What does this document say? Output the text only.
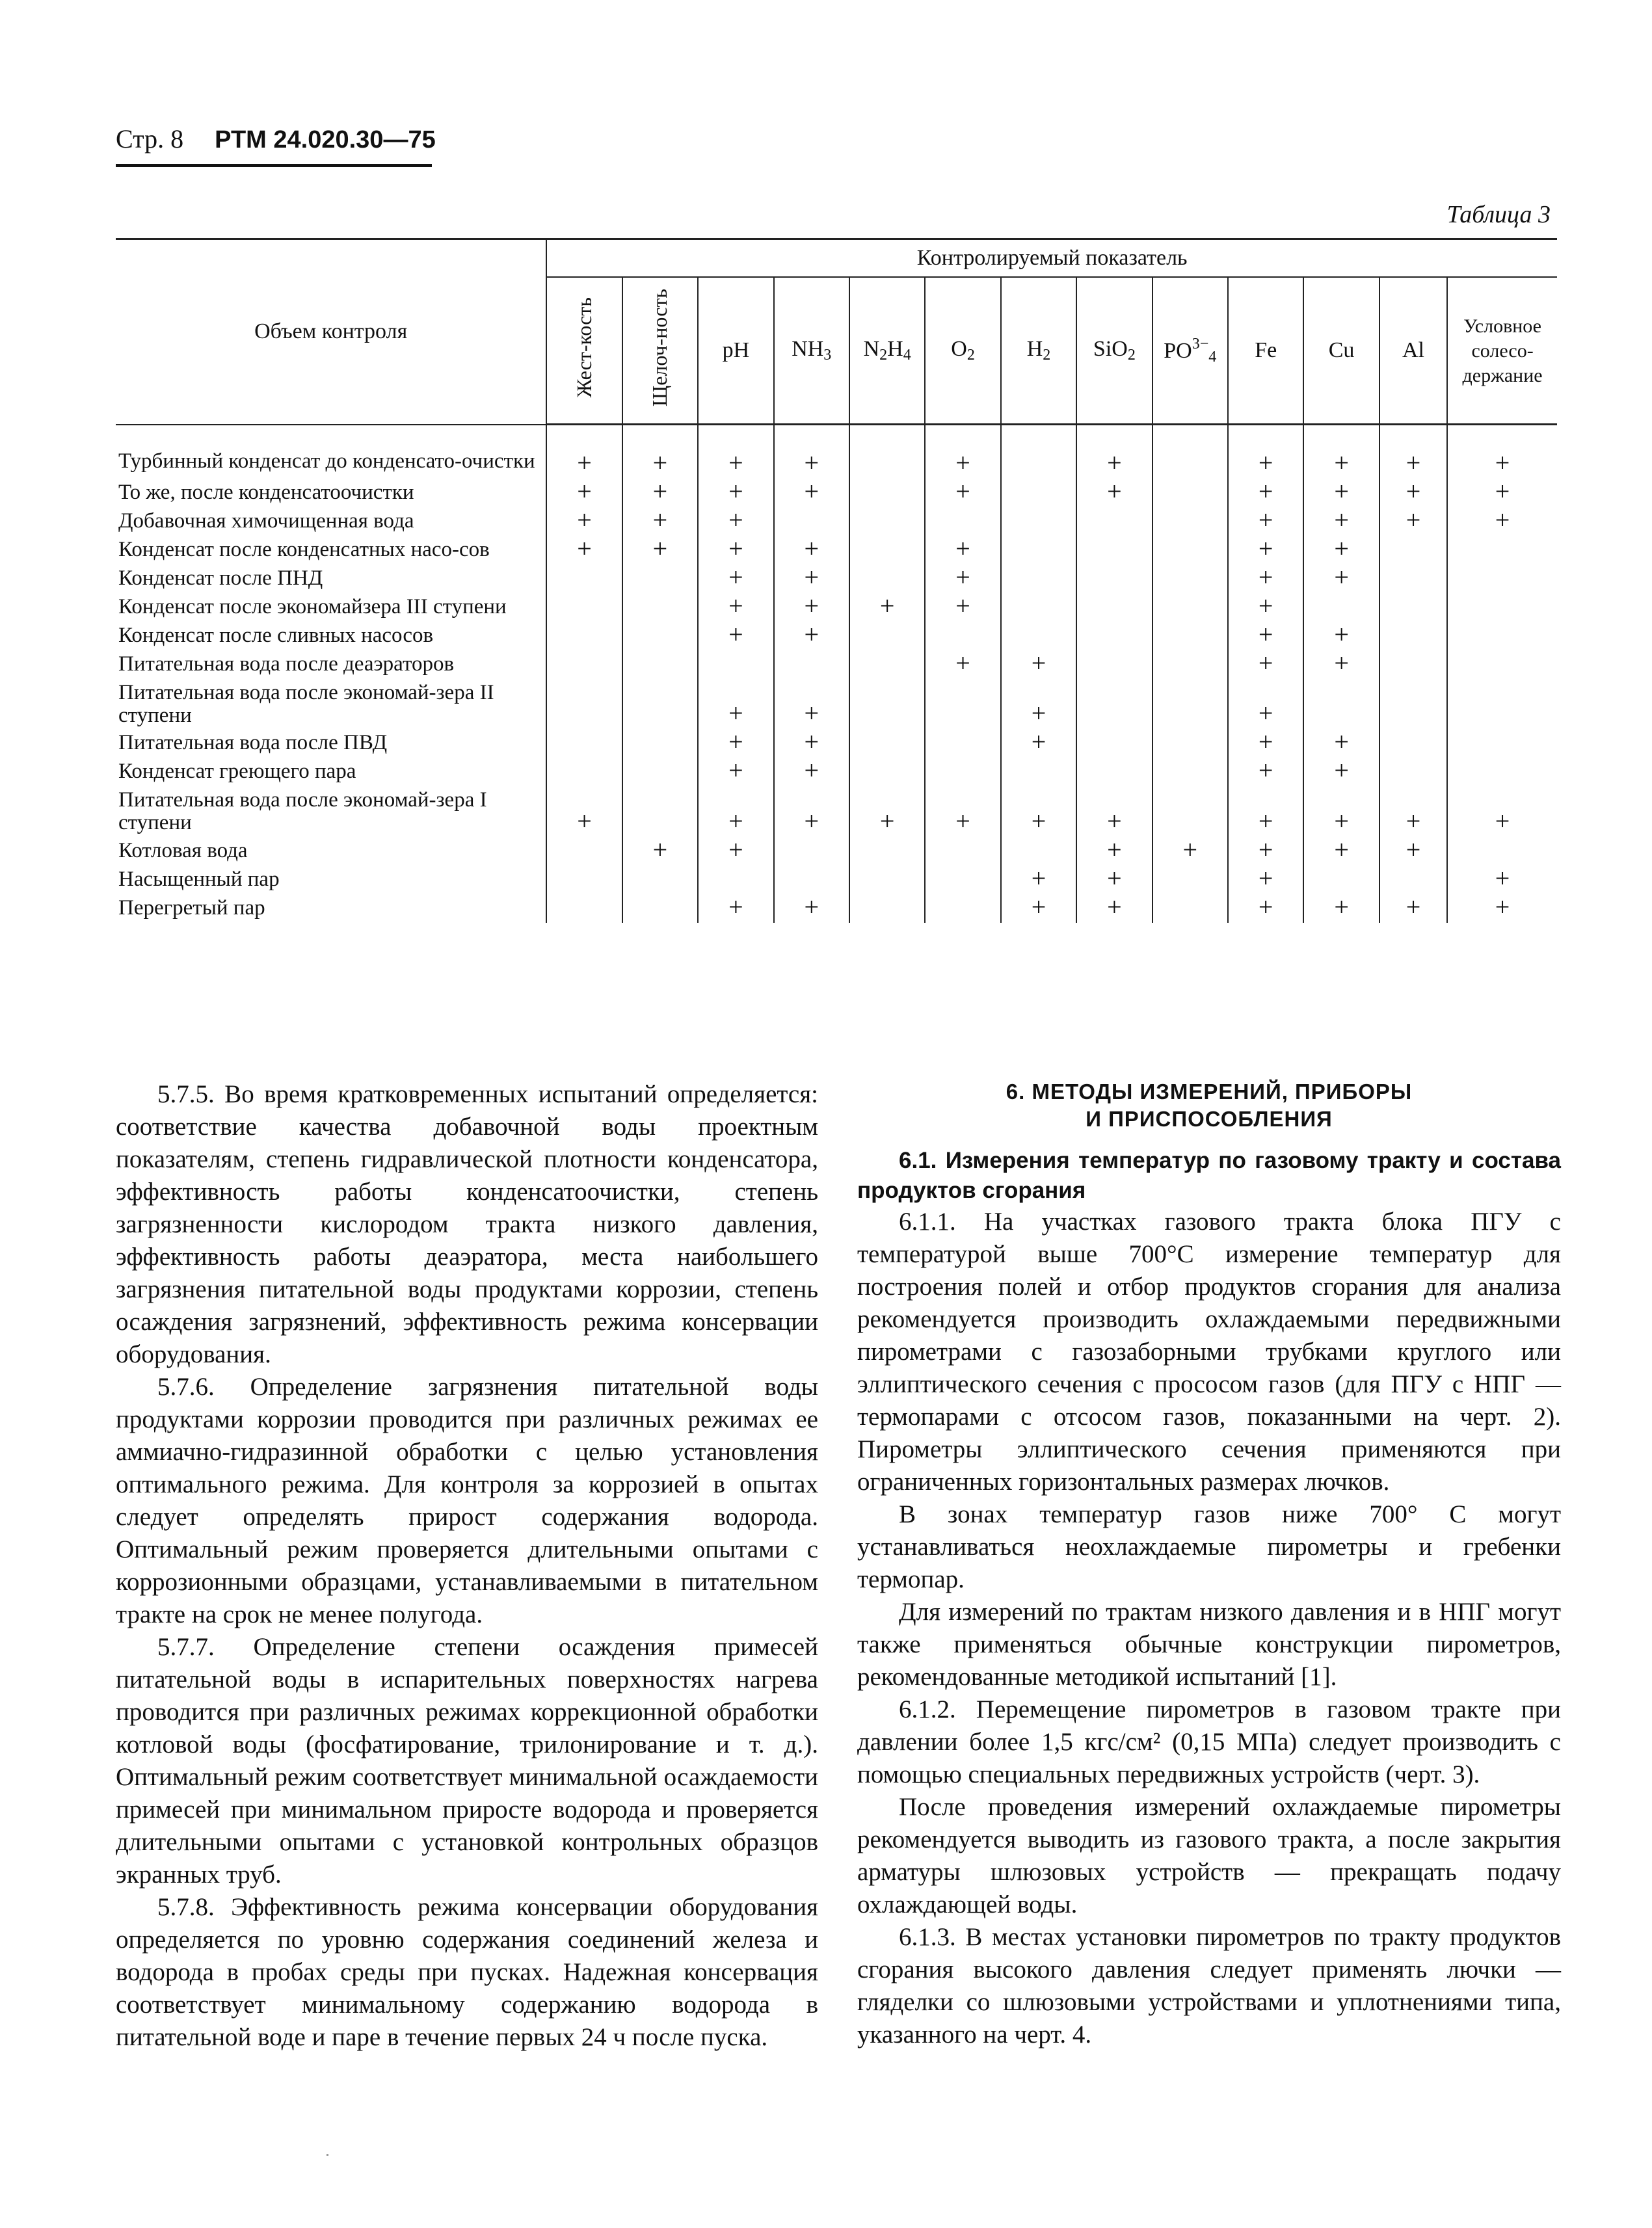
Стр. 8 РТМ 24.020.30—75
Таблица 3
Объем контроля	Контролируемый показатель												
	Жест-кость	Щелоч-ность	pH	$NH_3$	$N_2H_4$	$O_2$	$H_2$	SiO$_2$	$PO^{3-}_4$	Fe	Cu	Al	Условное солесо-держание
Турбинный конденсат до конденсато-очистки	+	+	+	+		+		+		+	+	+	+
То же, после конденсатоочистки	+	+	+	+		+		+		+	+	+	+
Добавочная химочищенная вода	+	+	+							+	+	+	+
Конденсат после конденсатных насо-сов	+	+	+	+		+				+	+		
Конденсат после ПНД			+	+		+				+	+		
Конденсат после экономайзера III ступени			+	+	+	+				+			
Конденсат после сливных насосов			+	+						+	+		
Питательная вода после деаэраторов						+	+			+	+		
Питательная вода после экономай-зера II ступени			+	+			+			+			
Питательная вода после ПВД			+	+			+			+	+		
Конденсат греющего пара			+	+						+	+		
Питательная вода после экономай-зера I ступени	+		+	+	+	+	+	+		+	+	+	+
Котловая вода		+	+					+	+	+	+	+	
Насыщенный пар							+	+		+			+
Перегретый пар			+	+			+	+		+	+	+	+

5.7.5. Во время кратковременных испытаний определяется: соответствие качества добавочной воды проектным показателям, степень гидравлической плотности конденсатора, эффективность работы конденсатоочистки, степень загрязненности кислородом тракта низкого давления, эффективность работы деаэратора, места наибольшего загрязнения питательной воды продуктами коррозии, степень осаждения загрязнений, эффективность режима консервации оборудования.

5.7.6. Определение загрязнения питательной воды продуктами коррозии проводится при различных режимах ее аммиачно-гидразинной обработки с целью установления оптимального режима. Для контроля за коррозией в опытах следует определять прирост содержания водорода. Оптимальный режим проверяется длительными опытами с коррозионными образцами, устанавливаемыми в питательном тракте на срок не менее полугода.

5.7.7. Определение степени осаждения примесей питательной воды в испарительных поверхностях нагрева проводится при различных режимах коррекционной обработки котловой воды (фосфатирование, трилонирование и т. д.). Оптимальный режим соответствует минимальной осаждаемости примесей при минимальном приросте водорода и проверяется длительными опытами с установкой контрольных образцов экранных труб.

5.7.8. Эффективность режима консервации оборудования определяется по уровню содержания соединений железа и водорода в пробах среды при пусках. Надежная консервация соответствует минимальному содержанию водорода в питательной воде и паре в течение первых 24 ч после пуска.

6. МЕТОДЫ ИЗМЕРЕНИЙ, ПРИБОРЫ
И ПРИСПОСОБЛЕНИЯ

6.1. Измерения температур по газовому тракту и состава продуктов сгорания

6.1.1. На участках газового тракта блока ПГУ с температурой выше 700°С измерение температур для построения полей и отбор продуктов сгорания для анализа рекомендуется производить охлаждаемыми передвижными пирометрами с газозаборными трубками круглого или эллиптического сечения с прососом газов (для ПГУ с НПГ — термопарами с отсосом газов, показанными на черт. 2). Пирометры эллиптического сечения применяются при ограниченных горизонтальных размерах лючков.

В зонах температур газов ниже 700° С могут устанавливаться неохлаждаемые пирометры и гребенки термопар.

Для измерений по трактам низкого давления и в НПГ могут также применяться обычные конструкции пирометров, рекомендованные методикой испытаний [1].

6.1.2. Перемещение пирометров в газовом тракте при давлении более 1,5 кгс/см² (0,15 МПа) следует производить с помощью специальных передвижных устройств (черт. 3).

После проведения измерений охлаждаемые пирометры рекомендуется выводить из газового тракта, а после закрытия арматуры шлюзовых устройств — прекращать подачу охлаждающей воды.

6.1.3. В местах установки пирометров по тракту продуктов сгорания высокого давления следует применять лючки — гляделки со шлюзовыми устройствами и уплотнениями типа, указанного на черт. 4.
